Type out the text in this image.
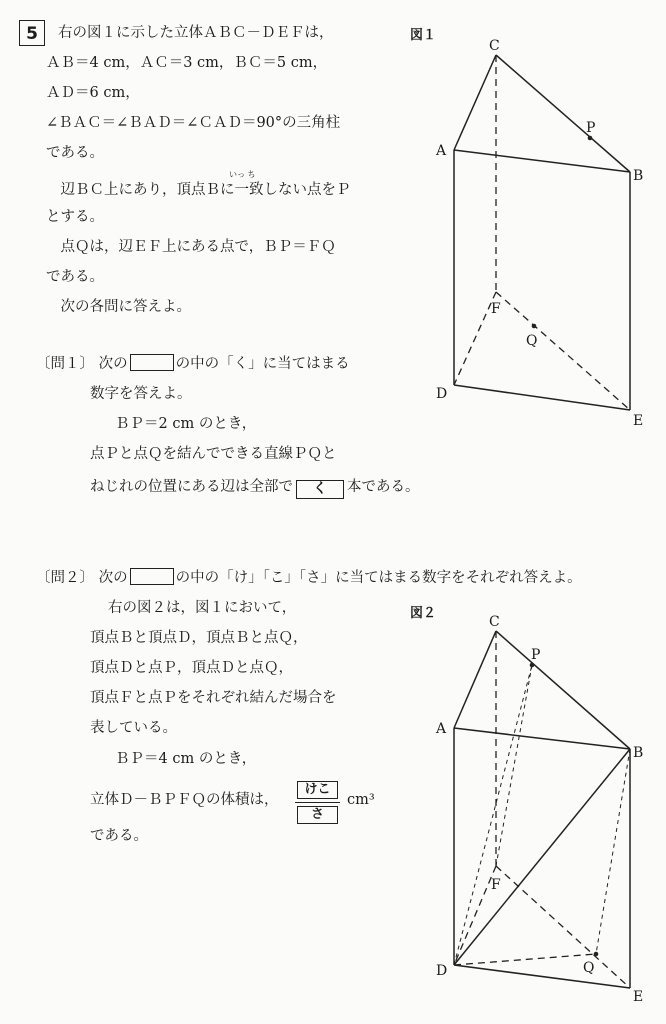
5	右の図１に示した立体ＡＢＣ－ＤＥＦは，
ＡＢ＝4 cm，ＡＣ＝3 cm，ＢＣ＝5 cm，
ＡＤ＝6 cm，
∠ＢＡＣ＝∠ＢＡＤ＝∠ＣＡＤ＝90°の三角柱
である。
いっ ち
　辺ＢＣ上にあり，頂点Ｂに一致しない点をＰ
とする。
　点Ｑは，辺ＥＦ上にある点で，ＢＰ＝ＦＱ
である。
　次の各問に答えよ。
〔問１〕 次の	の中の「く」に当てはまる
数字を答えよ。
ＢＰ＝2 cm のとき，
点Ｐと点Ｑを結んでできる直線ＰＱと
ねじれの位置にある辺は全部で く 本である。
〔問２〕 次の	の中の「け」「こ」「さ」に当てはまる数字をそれぞれ答えよ。
右の図２は，図１において，
頂点Ｂと頂点Ｄ，頂点Ｂと点Ｑ，
頂点Ｄと点Ｐ，頂点Ｄと点Ｑ，
頂点Ｆと点Ｐをそれぞれ結んだ場合を
表している。
ＢＰ＝4 cm のとき，
立体Ｄ－ＢＰＦＱの体積は，
けこ
さ
cm³
である。
図１
図２
C
A
B
P
F
Q
D
E
C
P
A
B
F
D	Q
E
